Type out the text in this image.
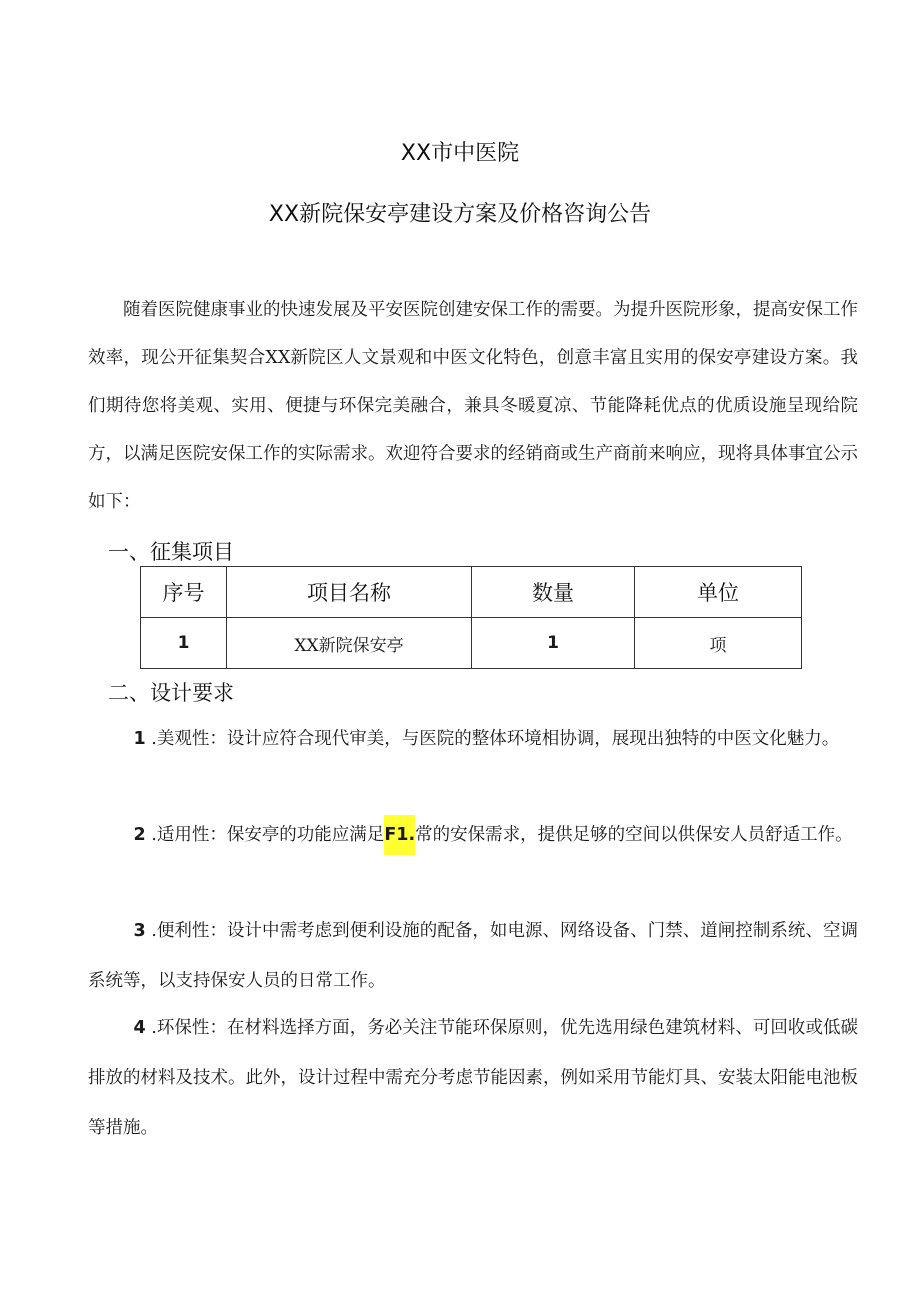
XX市中医院
XX新院保安亭建设方案及价格咨询公告

随着医院健康事业的快速发展及平安医院创建安保工作的需要。为提升医院形象，提高安保工作效率，现公开征集契合XX新院区人文景观和中医文化特色，创意丰富且实用的保安亭建设方案。我们期待您将美观、实用、便捷与环保完美融合，兼具冬暖夏凉、节能降耗优点的优质设施呈现给院方，以满足医院安保工作的实际需求。欢迎符合要求的经销商或生产商前来响应，现将具体事宜公示如下：

一、征集项目
序号	项目名称	数量	单位
1	XX新院保安亭	1	项
二、设计要求

1 .美观性：设计应符合现代审美，与医院的整体环境相协调，展现出独特的中医文化魅力。

2 .适用性：保安亭的功能应满足F1.常的安保需求，提供足够的空间以供保安人员舒适工作。

3 .便利性：设计中需考虑到便利设施的配备，如电源、网络设备、门禁、道闸控制系统、空调系统等，以支持保安人员的日常工作。

4 .环保性：在材料选择方面，务必关注节能环保原则，优先选用绿色建筑材料、可回收或低碳排放的材料及技术。此外，设计过程中需充分考虑节能因素，例如采用节能灯具、安装太阳能电池板等措施。
